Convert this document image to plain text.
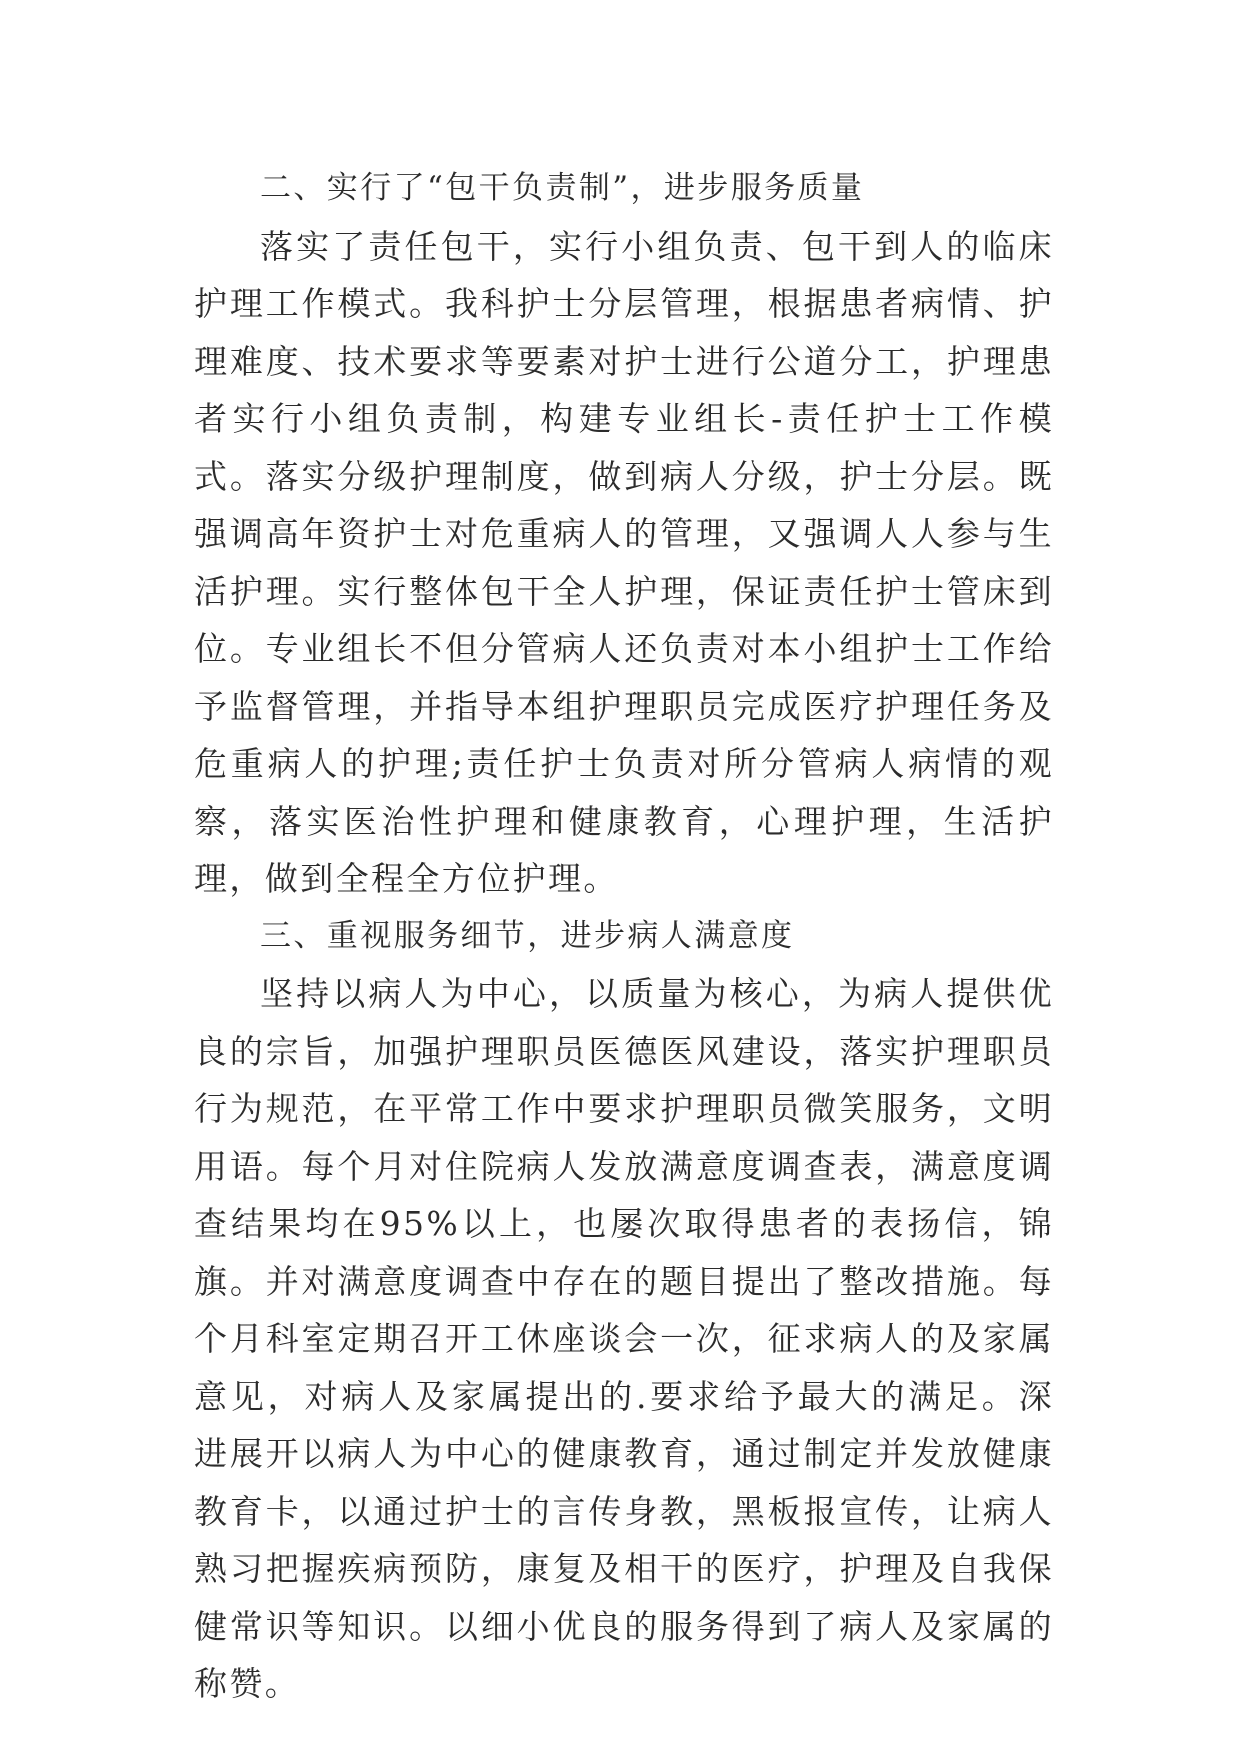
二、实行了“包干负责制”，进步服务质量

落实了责任包干，实行小组负责、包干到人的临床护理工作模式。我科护士分层管理，根据患者病情、护理难度、技术要求等要素对护士进行公道分工，护理患者实行小组负责制，构建专业组长-责任护士工作模式。落实分级护理制度，做到病人分级，护士分层。既强调高年资护士对危重病人的管理，又强调人人参与生活护理。实行整体包干全人护理，保证责任护士管床到位。专业组长不但分管病人还负责对本小组护士工作给予监督管理，并指导本组护理职员完成医疗护理任务及危重病人的护理;责任护士负责对所分管病人病情的观察，落实医治性护理和健康教育，心理护理，生活护理，做到全程全方位护理。

三、重视服务细节，进步病人满意度

坚持以病人为中心，以质量为核心，为病人提供优良的宗旨，加强护理职员医德医风建设，落实护理职员行为规范，在平常工作中要求护理职员微笑服务，文明用语。每个月对住院病人发放满意度调查表，满意度调查结果均在95%以上，也屡次取得患者的表扬信，锦旗。并对满意度调查中存在的题目提出了整改措施。每个月科室定期召开工休座谈会一次，征求病人的及家属意见，对病人及家属提出的.要求给予最大的满足。深进展开以病人为中心的健康教育，通过制定并发放健康教育卡，以通过护士的言传身教，黑板报宣传，让病人熟习把握疾病预防，康复及相干的医疗，护理及自我保健常识等知识。以细小优良的服务得到了病人及家属的称赞。
